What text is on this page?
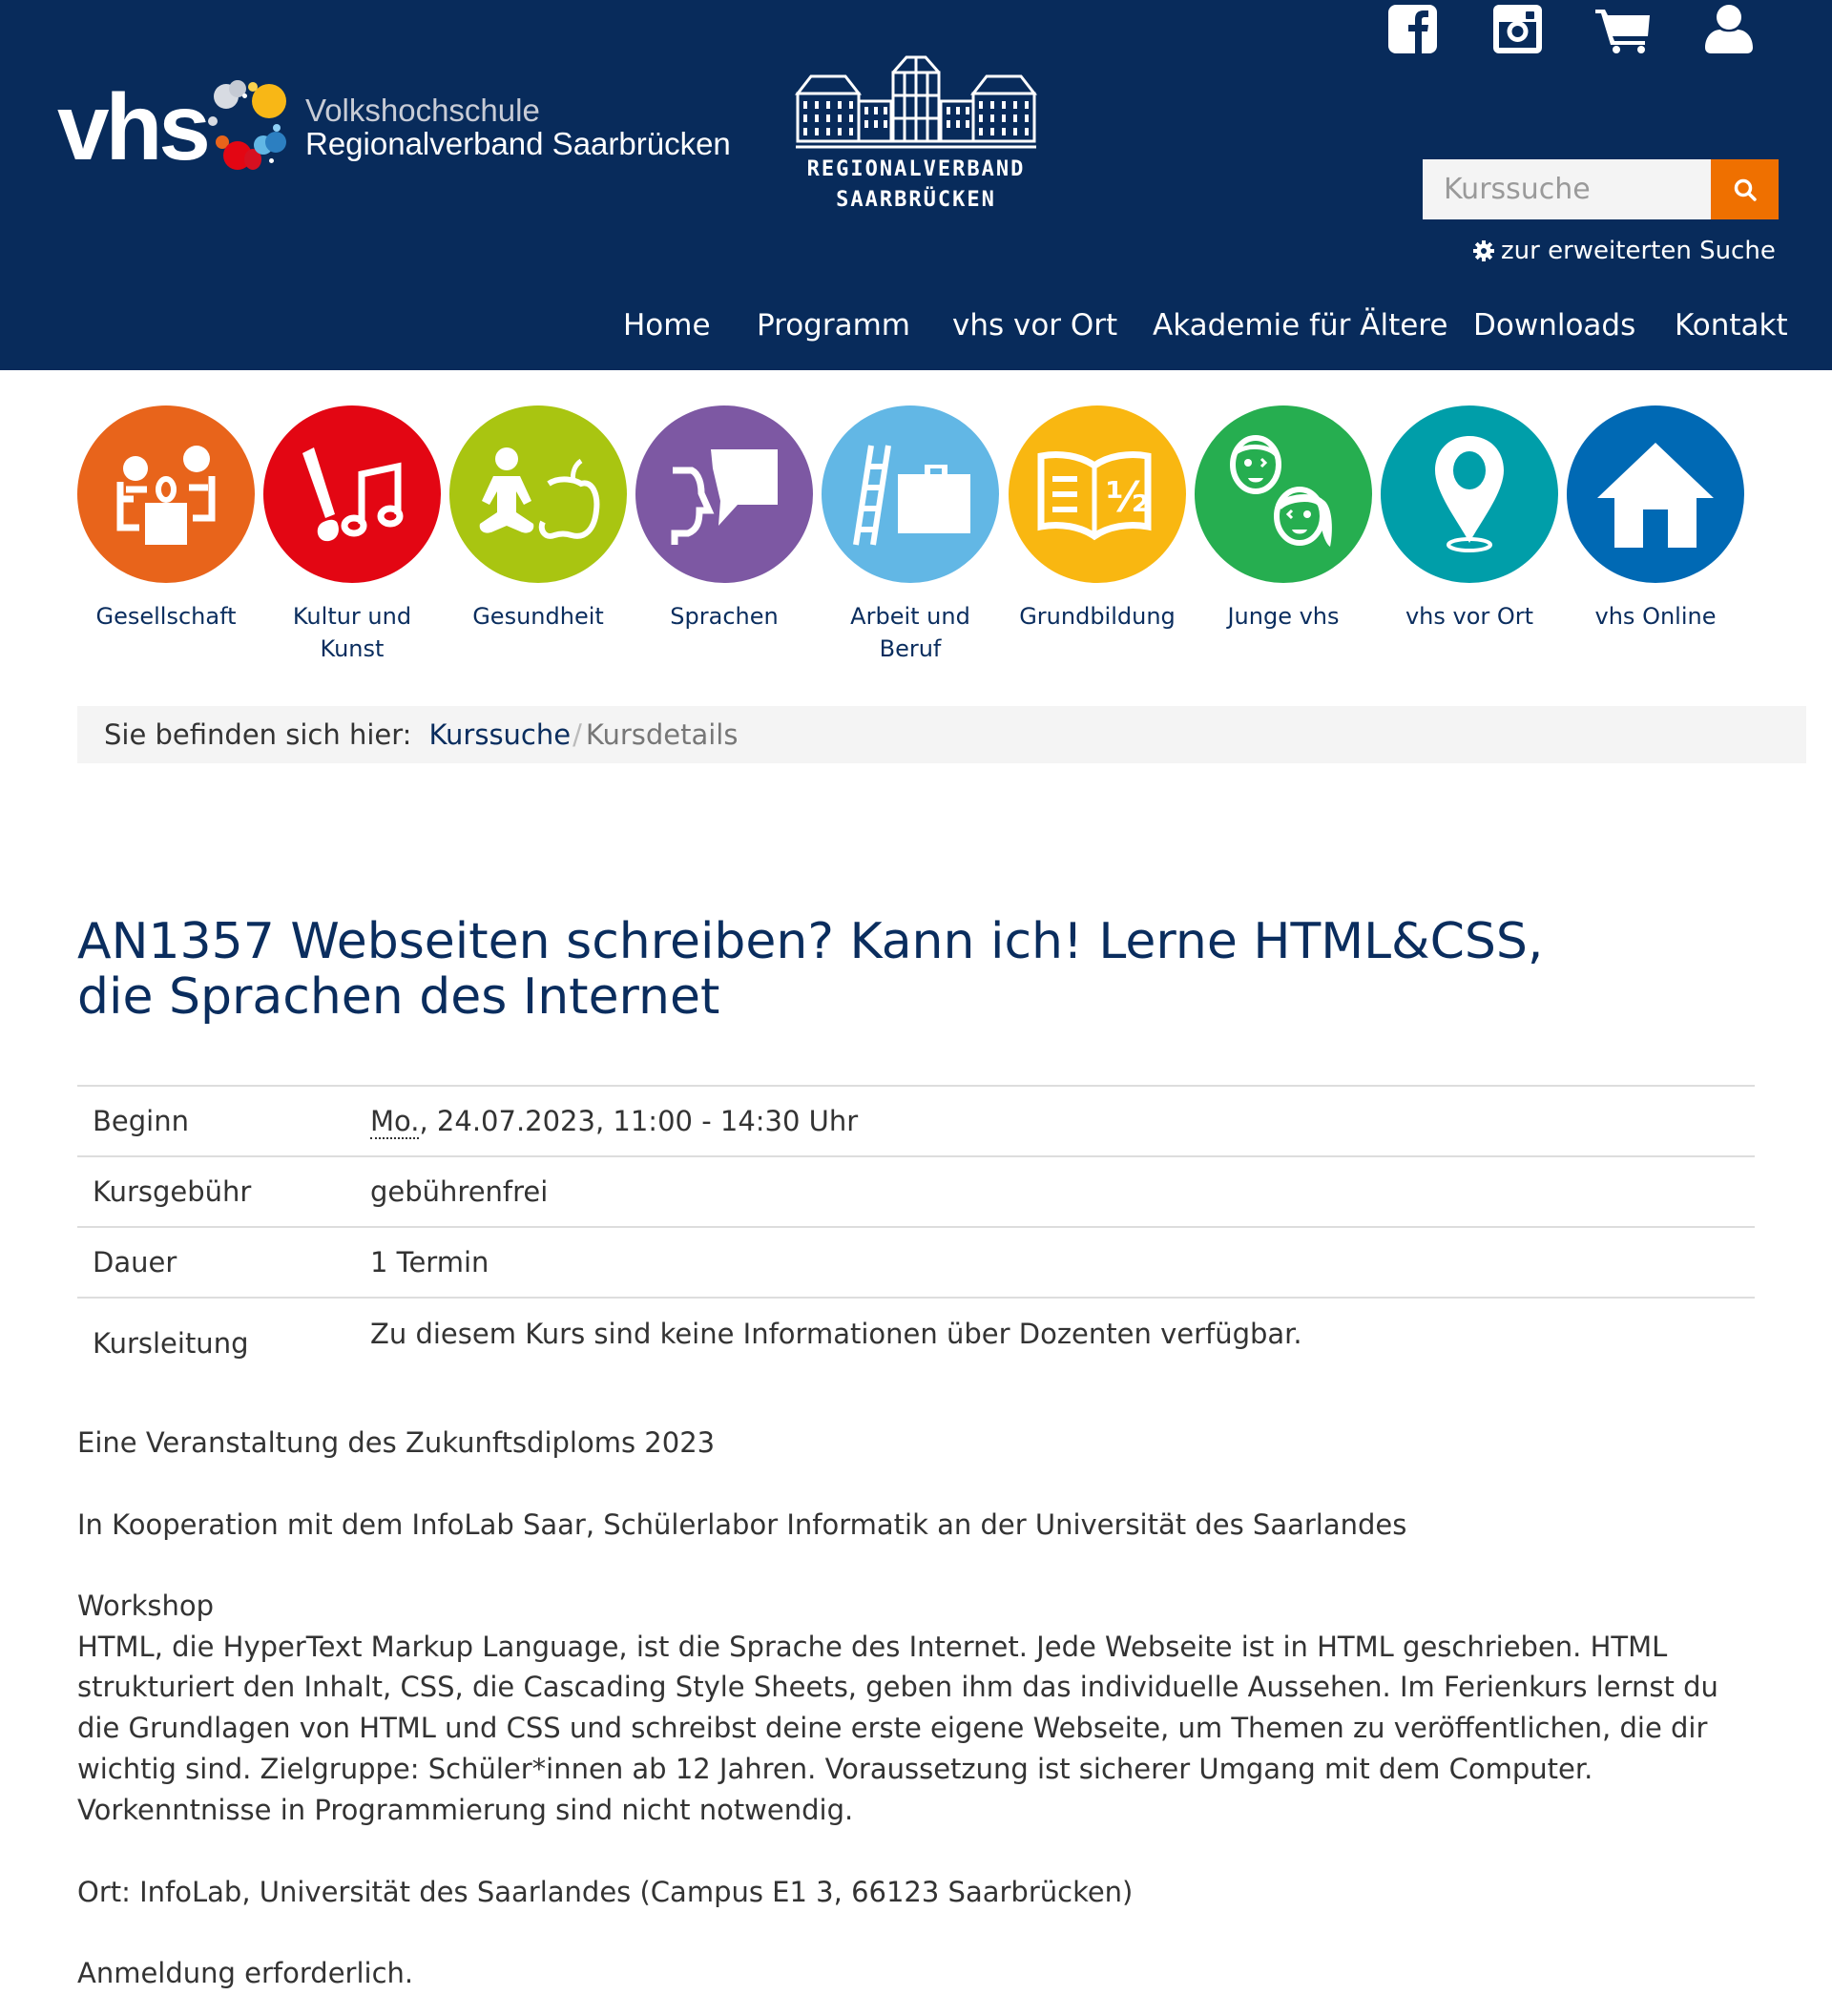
vhs	Volkshochschule
Regionalverband Saarbrücken
REGIONALVERBAND
SAARBRÜCKEN
Kurssuche
zur erweiterten Suche
Home Programm vhs vor Ort Akademie für Ältere Downloads Kontakt
Gesellschaft	Kultur und Kunst
Gesundheit	Sprachen	Arbeit und Beruf
½
Grundbildung	Junge vhs	vhs vor Ort	vhs Online
Sie befinden sich hier: Kurssuche / Kursdetails
AN1357 Webseiten schreiben? Kann ich! Lerne HTML&CSS, die Sprachen des Internet
Beginn	Mo., 24.07.2023, 11:00 - 14:30 Uhr
Kursgebühr	gebührenfrei
Dauer	1 Termin
Kursleitung	Zu diesem Kurs sind keine Informationen über Dozenten verfügbar.

Eine Veranstaltung des Zukunftsdiploms 2023

In Kooperation mit dem InfoLab Saar, Schülerlabor Informatik an der Universität des Saarlandes

Workshop
HTML, die HyperText Markup Language, ist die Sprache des Internet. Jede Webseite ist in HTML geschrieben. HTML strukturiert den Inhalt, CSS, die Cascading Style Sheets, geben ihm das individuelle Aussehen. Im Ferienkurs lernst du die Grundlagen von HTML und CSS und schreibst deine erste eigene Webseite, um Themen zu veröffentlichen, die dir wichtig sind. Zielgruppe: Schüler*innen ab 12 Jahren. Voraussetzung ist sicherer Umgang mit dem Computer. Vorkenntnisse in Programmierung sind nicht notwendig.

Ort: InfoLab, Universität des Saarlandes (Campus E1 3, 66123 Saarbrücken)

Anmeldung erforderlich.
